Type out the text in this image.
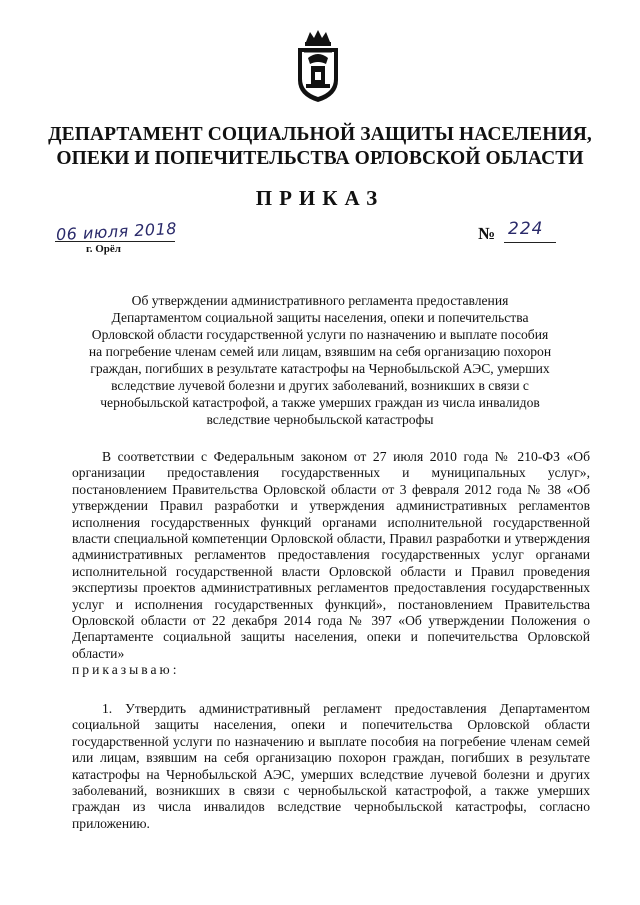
ДЕПАРТАМЕНТ СОЦИАЛЬНОЙ ЗАЩИТЫ НАСЕЛЕНИЯ,
ОПЕКИ И ПОПЕЧИТЕЛЬСТВА ОРЛОВСКОЙ ОБЛАСТИ
ПРИКАЗ
06 июля 2018
г. Орёл
№ 224
Об утверждении административного регламента предоставления
Департаментом социальной защиты населения, опеки и попечительства
Орловской области государственной услуги по назначению и выплате пособия
на погребение членам семей или лицам, взявшим на себя организацию похорон
граждан, погибших в результате катастрофы на Чернобыльской АЭС, умерших
вследствие лучевой болезни и других заболеваний, возникших в связи с
чернобыльской катастрофой, а также умерших граждан из числа инвалидов
вследствие чернобыльской катастрофы

В соответствии с Федеральным законом от 27 июля 2010 года № 210-ФЗ «Об организации предоставления государственных и муниципальных услуг», постановлением Правительства Орловской области от 3 февраля 2012 года № 38 «Об утверждении Правил разработки и утверждения административных регламентов исполнения государственных функций органами исполнительной государственной власти специальной компетенции Орловской области, Правил разработки и утверждения административных регламентов предоставления государственных услуг органами исполнительной государственной власти Орловской области и Правил проведения экспертизы проектов административных регламентов предоставления государственных услуг и исполнения государственных функций», постановлением Правительства Орловской области от 22 декабря 2014 года № 397 «Об утверждении Положения о Департаменте социальной защиты населения, опеки и попечительства Орловской области»

приказываю:

1. Утвердить административный регламент предоставления Департаментом социальной защиты населения, опеки и попечительства Орловской области государственной услуги по назначению и выплате пособия на погребение членам семей или лицам, взявшим на себя организацию похорон граждан, погибших в результате катастрофы на Чернобыльской АЭС, умерших вследствие лучевой болезни и других заболеваний, возникших в связи с чернобыльской катастрофой, а также умерших граждан из числа инвалидов вследствие чернобыльской катастрофы, согласно приложению.
